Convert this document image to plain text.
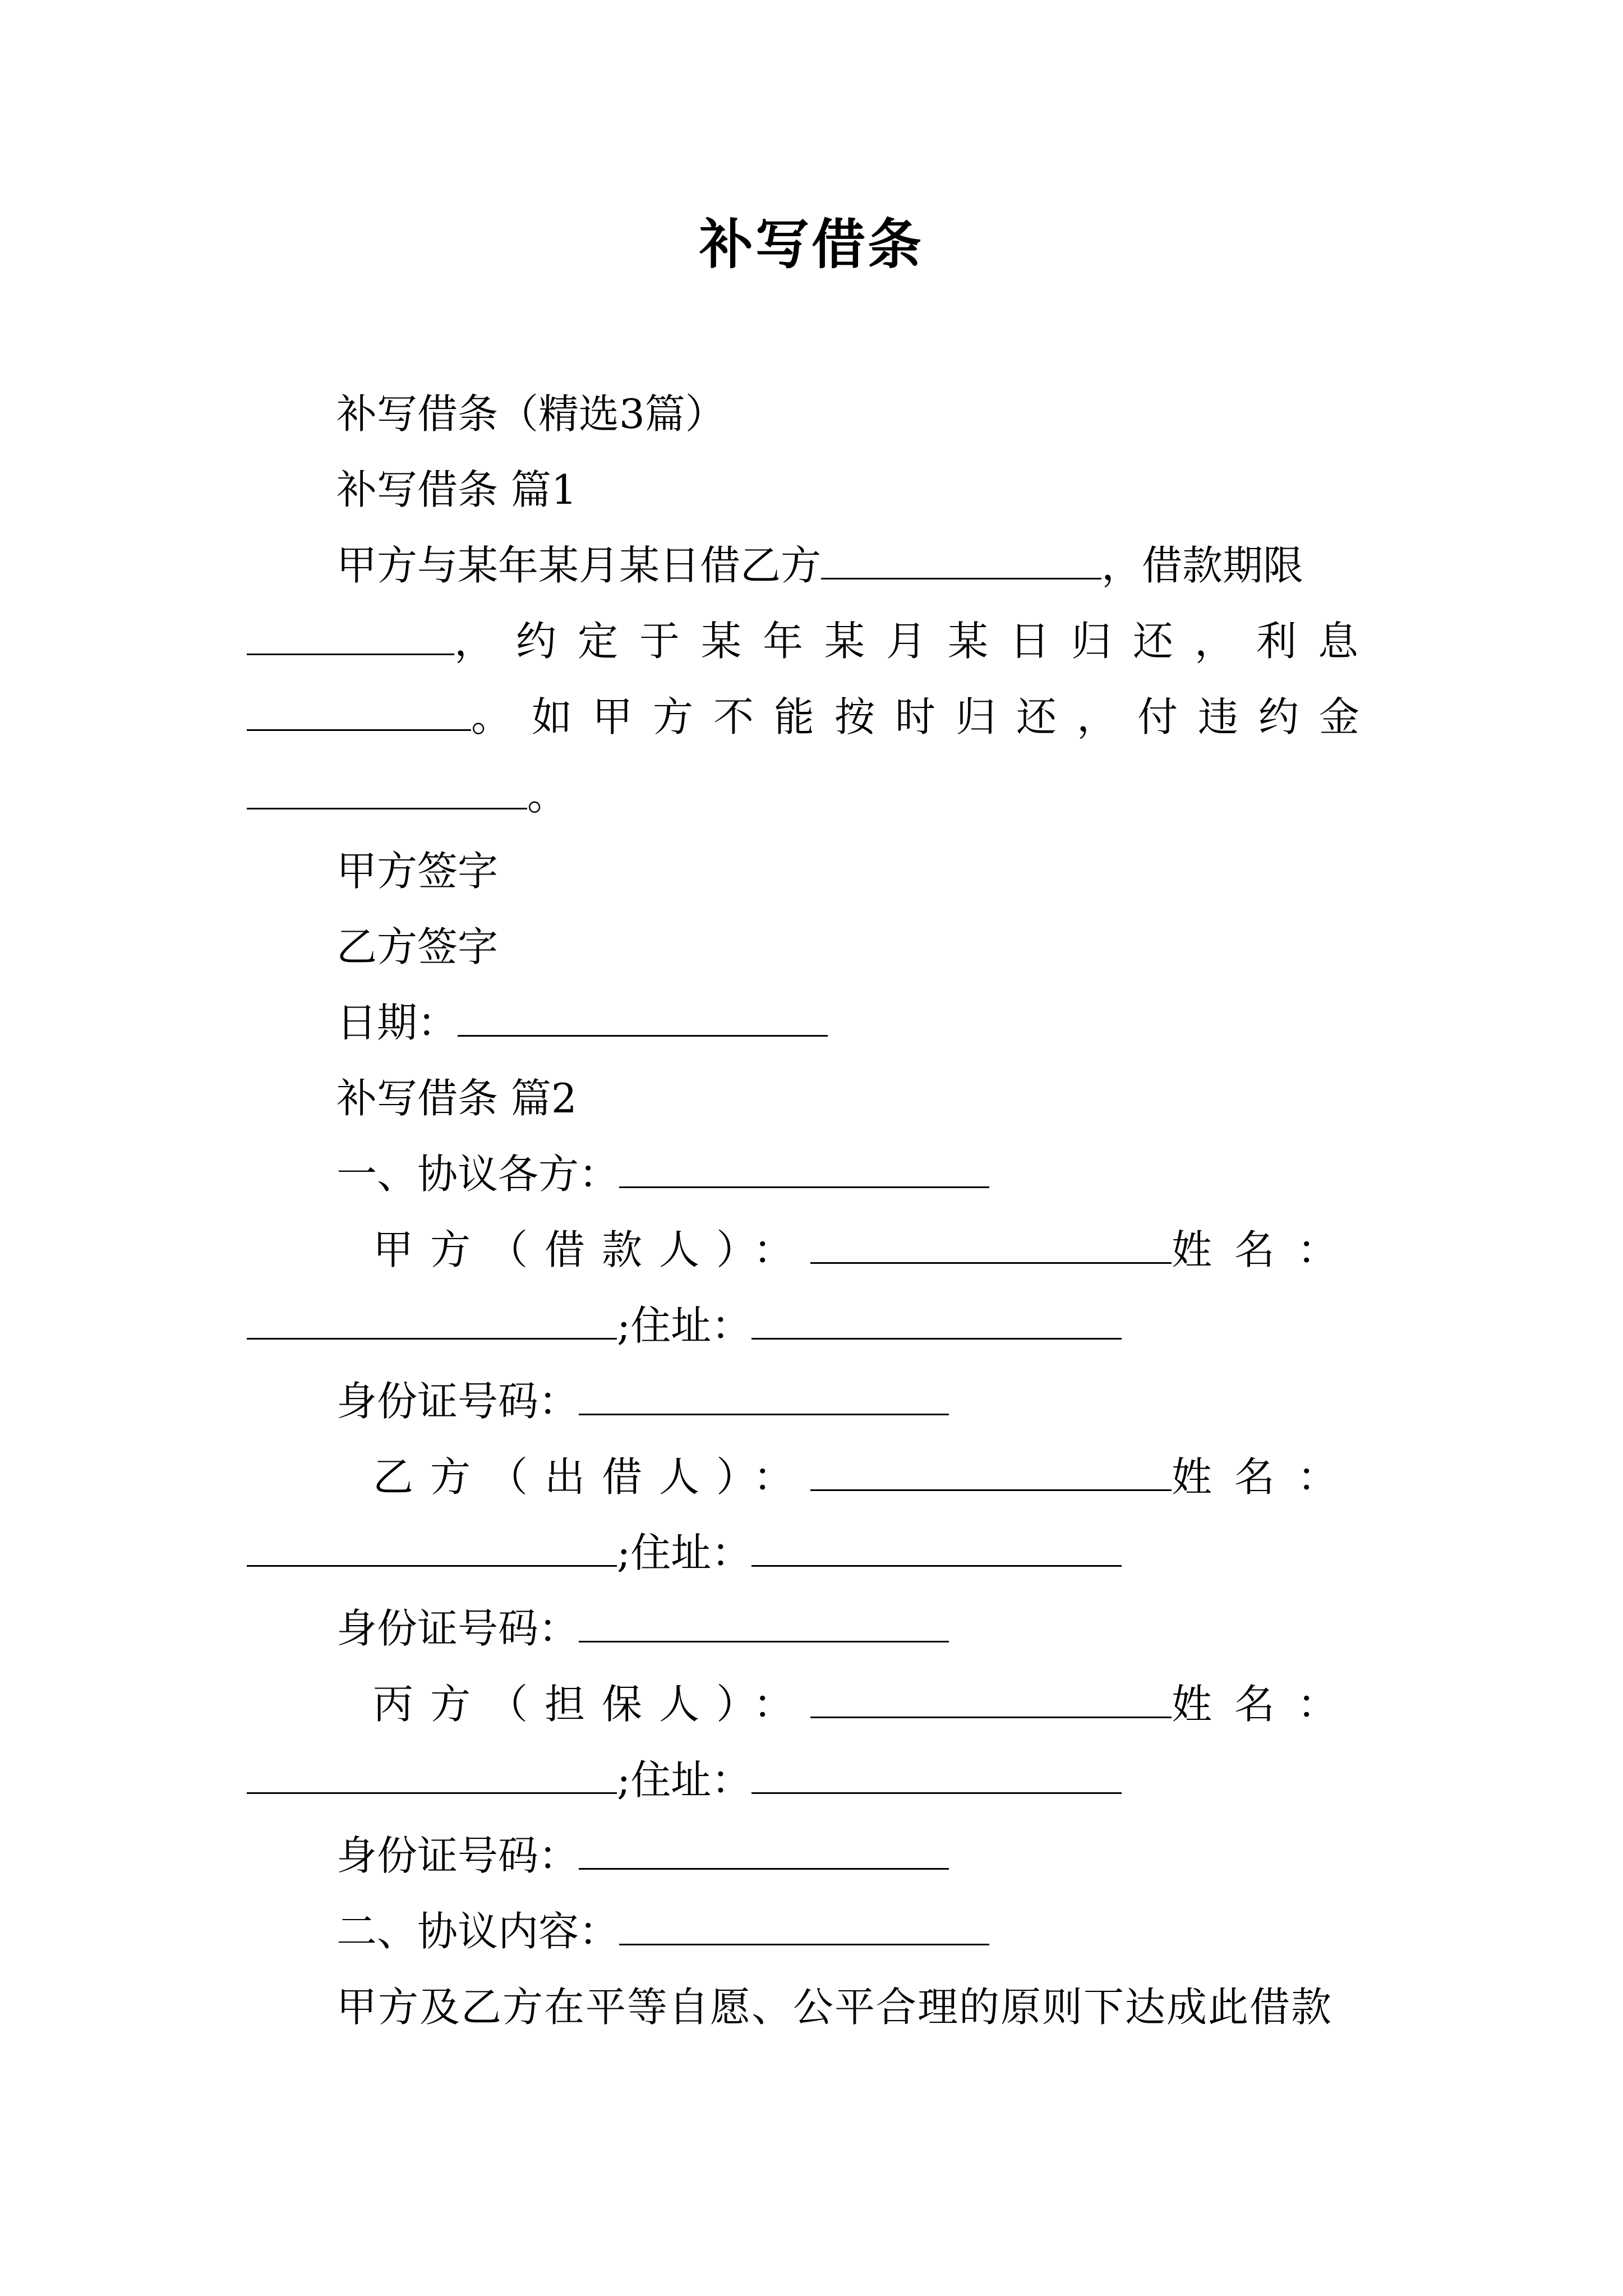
补写借条
补写借条（精选3篇）
补写借条 篇1
甲方与某年某月某日借乙方	，借款期限
，约定于某年某月某日归还，利息
。如甲方不能按时归还，付违约金
。
甲方签字
乙方签字
日期：
补写借条 篇2
一、协议各方：
甲方（借款人）：	姓名：
;住址：
身份证号码：
乙方（出借人）：	姓名：
;住址：
身份证号码：
丙方（担保人）：	姓名：
;住址：
身份证号码：
二、协议内容：
甲方及乙方在平等自愿、公平合理的原则下达成此借款
